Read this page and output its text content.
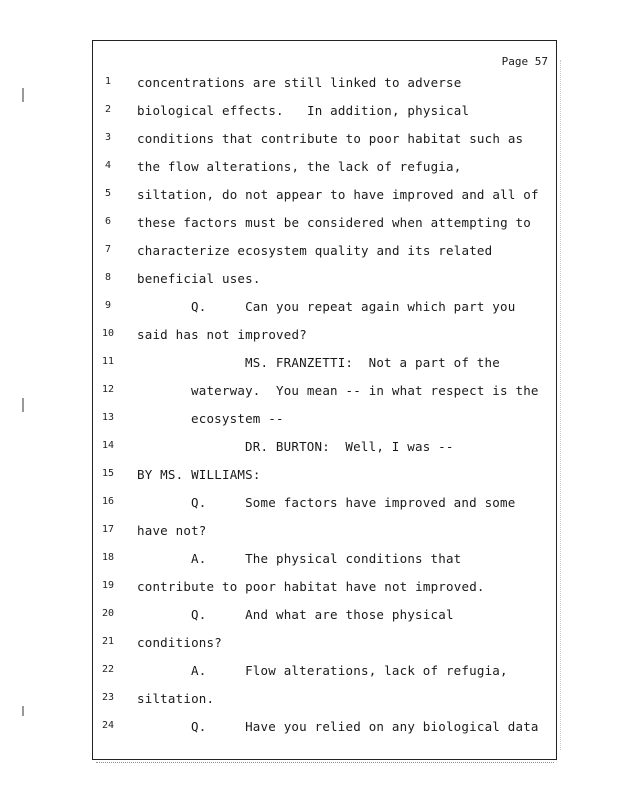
Page 57
1
2
3
4
5
6
7
8
9
10
11
12
13
14
15
16
17
18
19
20
21
22
23
24
concentrations are still linked to adverse
biological effects.   In addition, physical
conditions that contribute to poor habitat such as
the flow alterations, the lack of refugia,
siltation, do not appear to have improved and all of
these factors must be considered when attempting to
characterize ecosystem quality and its related
beneficial uses.
Q.     Can you repeat again which part you
said has not improved?
MS. FRANZETTI:  Not a part of the
waterway.  You mean -- in what respect is the
ecosystem --
DR. BURTON:  Well, I was --
BY MS. WILLIAMS:
Q.     Some factors have improved and some
have not?
A.     The physical conditions that
contribute to poor habitat have not improved.
Q.     And what are those physical
conditions?
A.     Flow alterations, lack of refugia,
siltation.
Q.     Have you relied on any biological data
